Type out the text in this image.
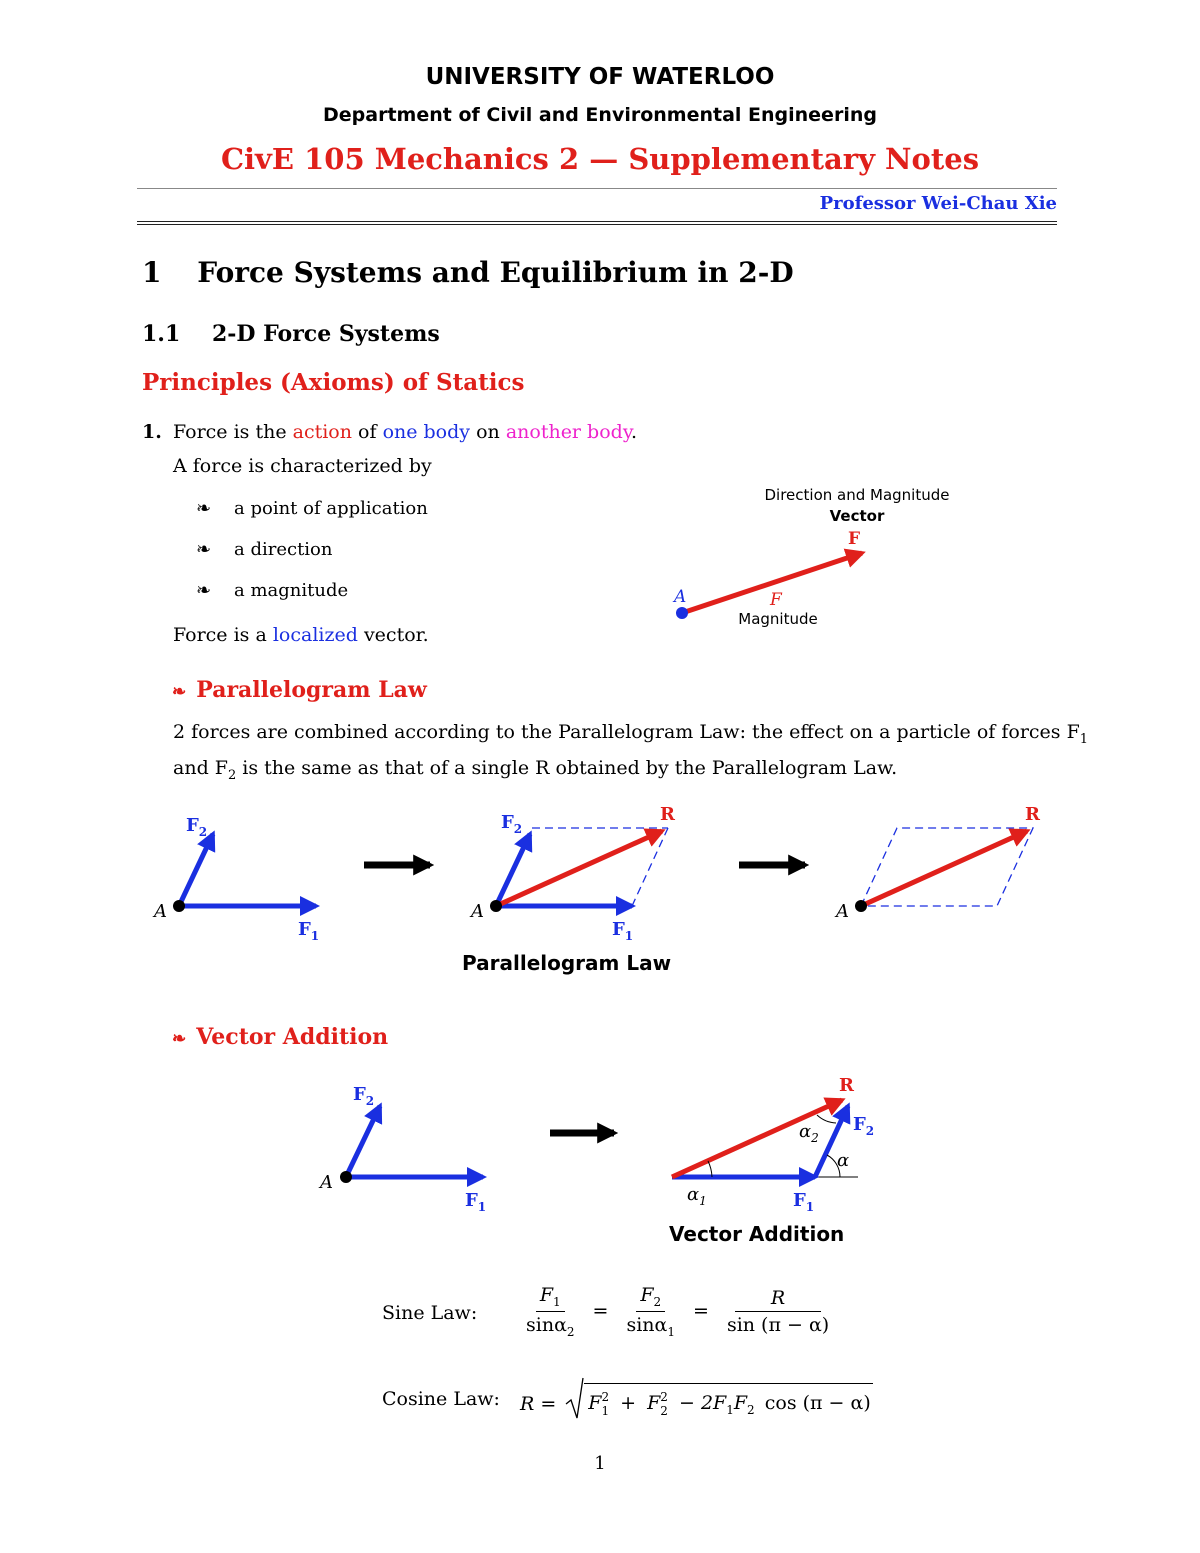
UNIVERSITY OF WATERLOO
Department of Civil and Environmental Engineering
CivE 105 Mechanics 2 — Supplementary Notes
Professor Wei-Chau Xie
1 Force Systems and Equilibrium in 2-D
1.1 2-D Force Systems
Principles (Axioms) of Statics
1. Force is the action of one body on another body.
A force is characterized by
❧ a point of application
❧ a direction
❧ a magnitude
Force is a localized vector.
Direction and Magnitude
Vector
F
A	F
Magnitude
❧ Parallelogram Law
2 forces are combined according to the Parallelogram Law: the effect on a particle of forces $F_1$
and $F_2$ is the same as that of a single R obtained by the Parallelogram Law.
A
$F_1$
$F_2$
A
$F_1$
$F_2$
R
A
R
Parallelogram Law
❧ Vector Addition
A
$F_1$
$F_2$
$\alpha_1$
α
$\alpha_2$
$F_1$
$F_2$
R
Vector Addition
Sine Law: $\frac{F_1}{\sin\alpha_2} = \frac{F_2}{\sin\alpha_1} = \frac{R}{\sin (\pi - \alpha)}$
Cosine Law: R = F 2
1 + F 2
$2 - 2F_1F_2$ cos (π − α)
1
